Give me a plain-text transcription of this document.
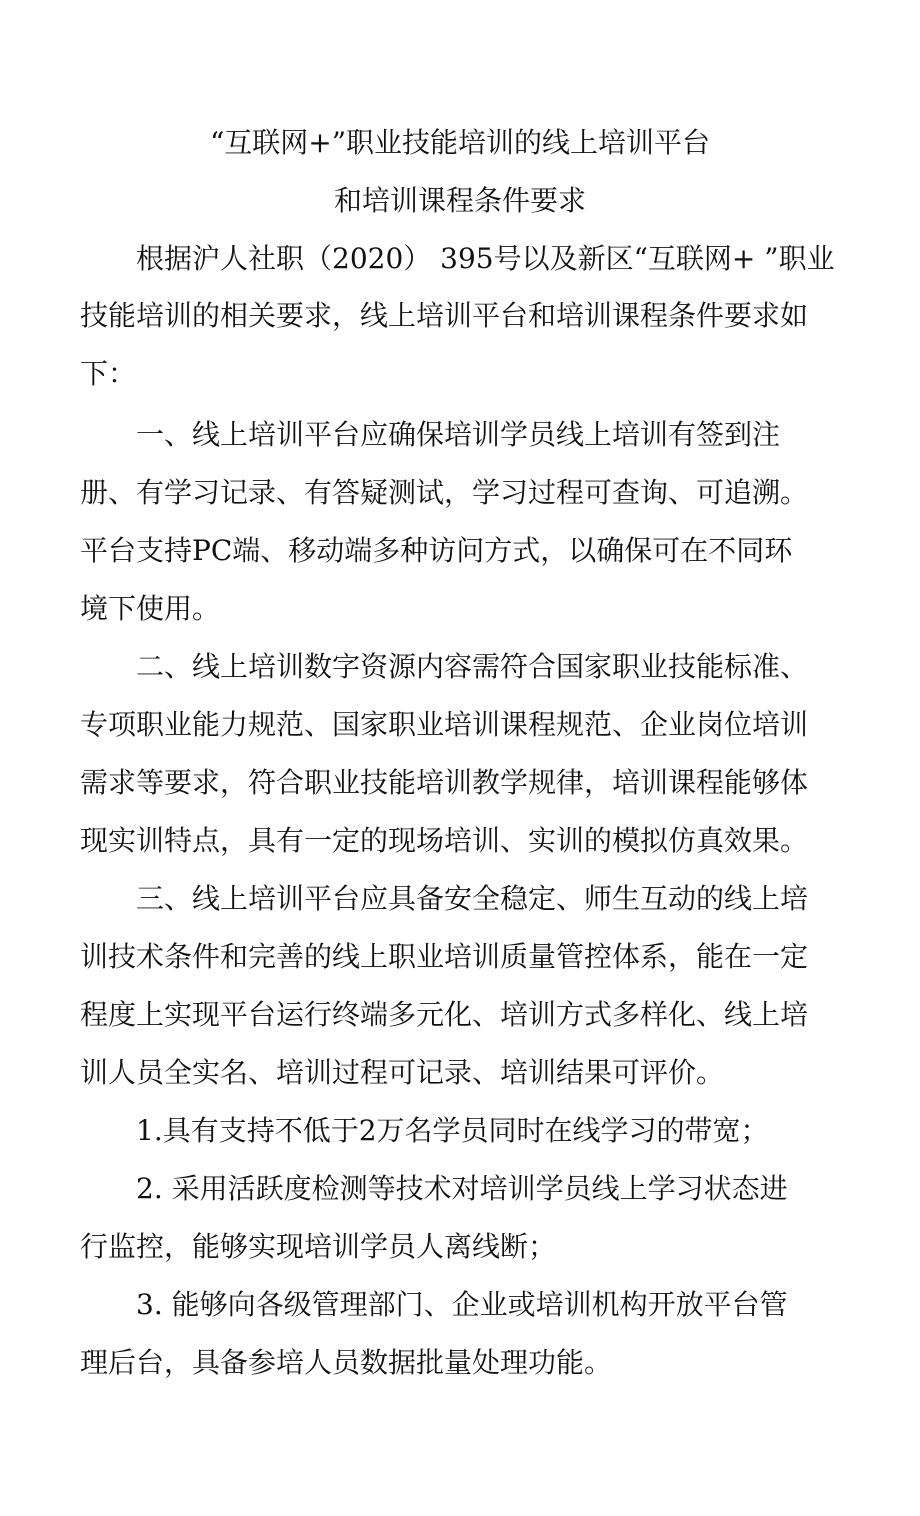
“互联网+”职业技能培训的线上培训平台
和培训课程条件要求
根据沪人社职（2020） 395号以及新区“互联网+ ”职业
技能培训的相关要求，线上培训平台和培训课程条件要求如
下：
一、线上培训平台应确保培训学员线上培训有签到注
册、有学习记录、有答疑测试，学习过程可查询、可追溯。
平台支持PC端、移动端多种访问方式，以确保可在不同环
境下使用。
二、线上培训数字资源内容需符合国家职业技能标准、
专项职业能力规范、国家职业培训课程规范、企业岗位培训
需求等要求，符合职业技能培训教学规律，培训课程能够体
现实训特点，具有一定的现场培训、实训的模拟仿真效果。
三、线上培训平台应具备安全稳定、师生互动的线上培
训技术条件和完善的线上职业培训质量管控体系，能在一定
程度上实现平台运行终端多元化、培训方式多样化、线上培
训人员全实名、培训过程可记录、培训结果可评价。
1.具有支持不低于2万名学员同时在线学习的带宽；
2. 采用活跃度检测等技术对培训学员线上学习状态进
行监控，能够实现培训学员人离线断；
3. 能够向各级管理部门、企业或培训机构开放平台管
理后台，具备参培人员数据批量处理功能。
